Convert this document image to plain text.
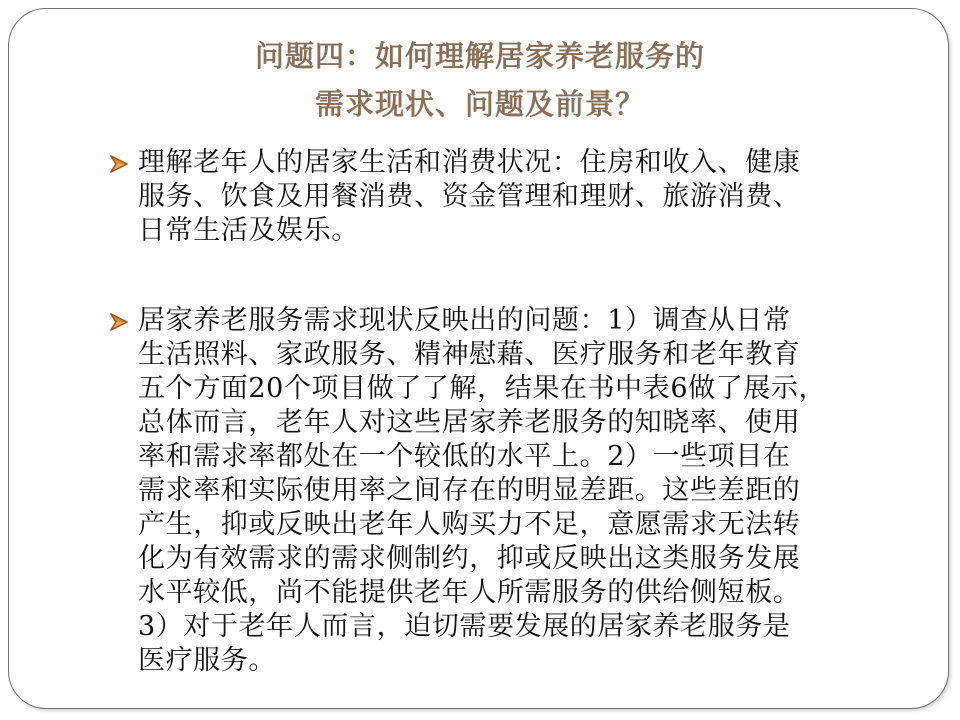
问题四：如何理解居家养老服务的
需求现状、问题及前景？
理解老年人的居家生活和消费状况：住房和收入、健康
服务、饮食及用餐消费、资金管理和理财、旅游消费、
日常生活及娱乐。
居家养老服务需求现状反映出的问题：1）调查从日常
生活照料、家政服务、精神慰藉、医疗服务和老年教育
五个方面20个项目做了了解，结果在书中表6做了展示，
总体而言，老年人对这些居家养老服务的知晓率、使用
率和需求率都处在一个较低的水平上。2）一些项目在
需求率和实际使用率之间存在的明显差距。这些差距的
产生，抑或反映出老年人购买力不足，意愿需求无法转
化为有效需求的需求侧制约，抑或反映出这类服务发展
水平较低，尚不能提供老年人所需服务的供给侧短板。
3）对于老年人而言，迫切需要发展的居家养老服务是
医疗服务。
